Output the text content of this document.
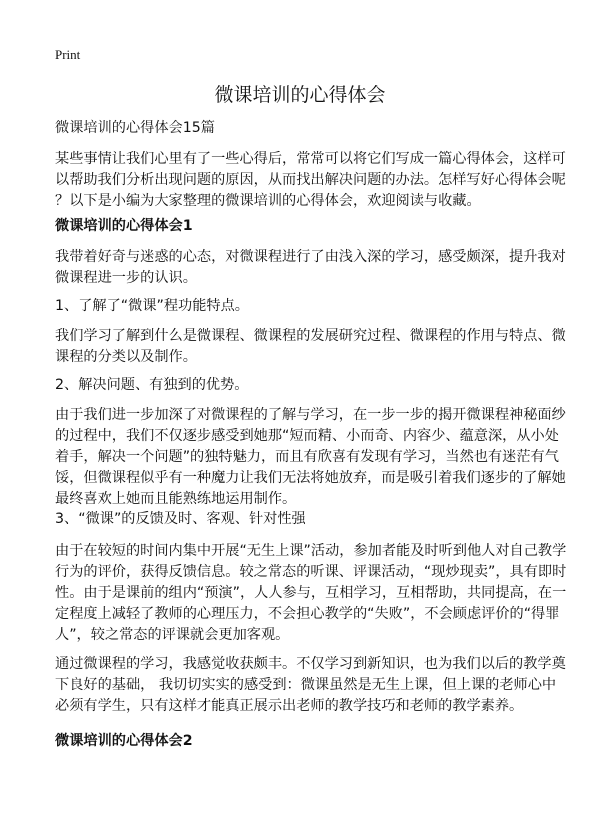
Print
微课培训的心得体会
微课培训的心得体会15篇
某些事情让我们心里有了一些心得后，常常可以将它们写成一篇心得体会，这样可
以帮助我们分析出现问题的原因，从而找出解决问题的办法。怎样写好心得体会呢
？以下是小编为大家整理的微课培训的心得体会，欢迎阅读与收藏。
微课培训的心得体会1
我带着好奇与迷惑的心态，对微课程进行了由浅入深的学习，感受颇深，提升我对
微课程进一步的认识。
1、了解了“微课”程功能特点。
我们学习了解到什么是微课程、微课程的发展研究过程、微课程的作用与特点、微
课程的分类以及制作。
2、解决问题、有独到的优势。
由于我们进一步加深了对微课程的了解与学习，在一步一步的揭开微课程神秘面纱
的过程中，我们不仅逐步感受到她那“短而精、小而奇、内容少、蕴意深，从小处
着手，解决一个问题”的独特魅力，而且有欣喜有发现有学习，当然也有迷茫有气
馁，但微课程似乎有一种魔力让我们无法将她放弃，而是吸引着我们逐步的了解她
最终喜欢上她而且能熟练地运用制作。
3、“微课”的反馈及时、客观、针对性强
由于在较短的时间内集中开展“无生上课”活动，参加者能及时听到他人对自己教学
行为的评价，获得反馈信息。较之常态的听课、评课活动，“现炒现卖”，具有即时
性。由于是课前的组内“预演”，人人参与，互相学习，互相帮助，共同提高，在一
定程度上减轻了教师的心理压力，不会担心教学的“失败”，不会顾虑评价的“得罪
人”，较之常态的评课就会更加客观。
通过微课程的学习，我感觉收获颇丰。不仅学习到新知识，也为我们以后的教学奠
下良好的基础， 我切切实实的感受到：微课虽然是无生上课，但上课的老师心中
必须有学生，只有这样才能真正展示出老师的教学技巧和老师的教学素养。
微课培训的心得体会2
